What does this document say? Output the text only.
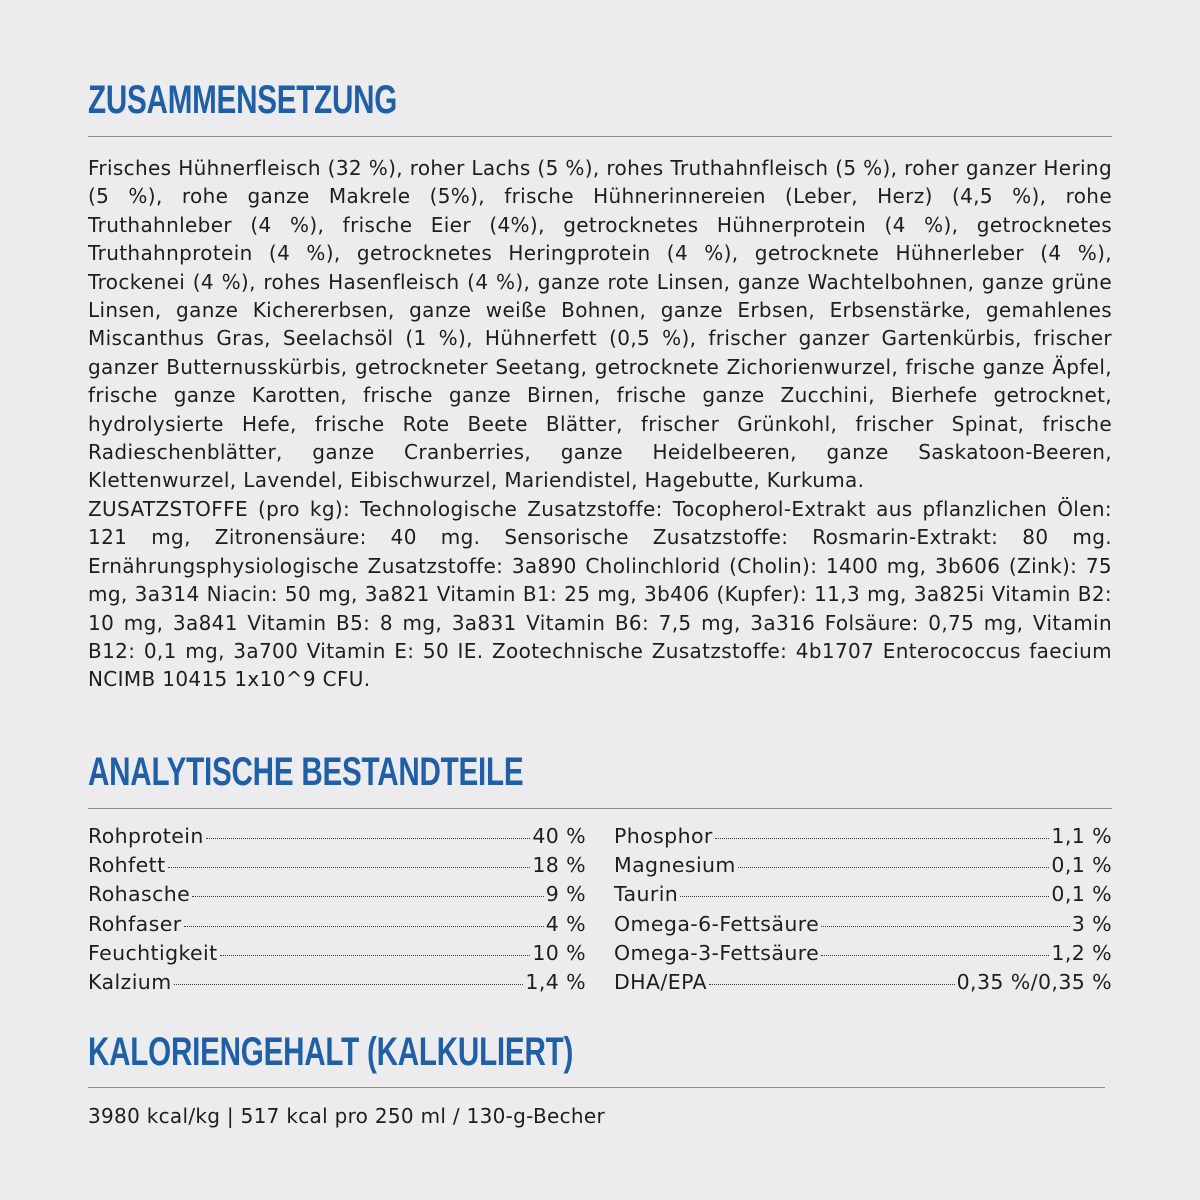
ZUSAMMENSETZUNG

Frisches Hühnerfleisch (32 %), roher Lachs (5 %), rohes Truthahnfleisch (5 %), roher ganzer Hering (5 %), rohe ganze Makrele (5%), frische Hühnerinnereien (Leber, Herz) (4,5 %), rohe Truthahnleber (4 %), frische Eier (4%), getrocknetes Hühnerprotein (4 %), getrocknetes Truthahnprotein (4 %), getrocknetes Heringprotein (4 %), getrocknete Hühnerleber (4 %), Trockenei (4 %), rohes Hasenfleisch (4 %), ganze rote Linsen, ganze Wachtelbohnen, ganze grüne Linsen, ganze Kichererbsen, ganze weiße Bohnen, ganze Erbsen, Erbsenstärke, gemahlenes Miscanthus Gras, Seelachsöl (1 %), Hühnerfett (0,5 %), frischer ganzer Gartenkürbis, frischer ganzer Butternusskürbis, getrockneter Seetang, getrocknete Zichorienwurzel, frische ganze Äpfel, frische ganze Karotten, frische ganze Birnen, frische ganze Zucchini, Bierhefe getrocknet, hydrolysierte Hefe, frische Rote Beete Blätter, frischer Grünkohl, frischer Spinat, frische Radieschenblätter, ganze Cranberries, ganze Heidelbeeren, ganze Saskatoon-Beeren, Klettenwurzel, Lavendel, Eibischwurzel, Mariendistel, Hagebutte, Kurkuma.

ZUSATZSTOFFE (pro kg): Technologische Zusatzstoffe: Tocopherol-Extrakt aus pflanzlichen Ölen: 121 mg, Zitronensäure: 40 mg. Sensorische Zusatzstoffe: Rosmarin-Extrakt: 80 mg. Ernährungsphysiologische Zusatzstoffe: 3a890 Cholinchlorid (Cholin): 1400 mg, 3b606 (Zink): 75 mg, 3a314 Niacin: 50 mg, 3a821 Vitamin B1: 25 mg, 3b406 (Kupfer): 11,3 mg, 3a825i Vitamin B2: 10 mg, 3a841 Vitamin B5: 8 mg, 3a831 Vitamin B6: 7,5 mg, 3a316 Folsäure: 0,75 mg, Vitamin B12: 0,1 mg, 3a700 Vitamin E: 50 IE. Zootechnische Zusatzstoffe: 4b1707 Enterococcus faecium NCIMB 10415 1x10^9 CFU.

ANALYTISCHE BESTANDTEILE
Rohprotein	40 %
Rohfett	18 %
Rohasche	9 %
Rohfaser	4 %
Feuchtigkeit	10 %
Kalzium	1,4 %
Phosphor	1,1 %
Magnesium	0,1 %
Taurin	0,1 %
Omega-6-Fettsäure	3 %
Omega-3-Fettsäure	1,2 %
DHA/EPA	0,35 %/0,35 %
KALORIENGEHALT (KALKULIERT)

3980 kcal/kg | 517 kcal pro 250 ml / 130-g-Becher
